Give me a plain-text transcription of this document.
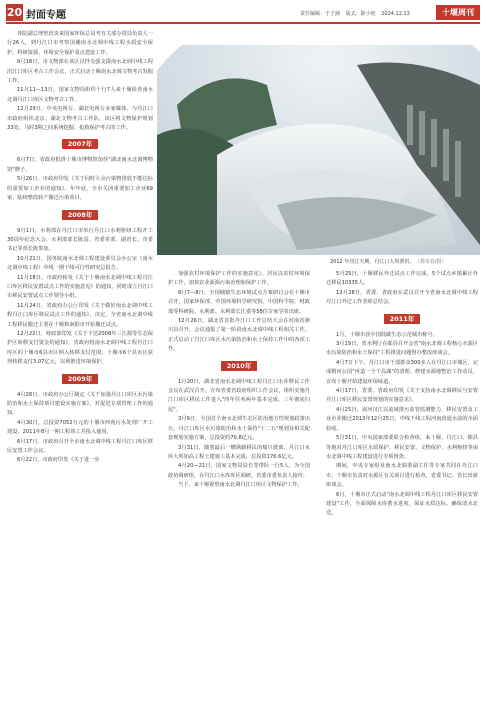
20 封面专题	责任编辑：于子涵 版式：陈小艳 2024.12.13	十堰周刊
2012 年汛江天期，丹江口大坝泄洪。 （彝泉春/摄）

各院副总理曾培炎来国家环保总局考有关部办资局负责人一行26人，到丹江口市考察国潮南水北调中线工程水质安全保护、科研资源、环境安全保护重点建设工作。

9月18日，市文物部在该区汉拌交强支援南水北调中线工程汛江口库区考古工作会议，正式启动十堰南水北调文物考古发掘工作。

11月11—13日，国家文物局组织十行7人来十堰检查南水北调丹江口库区文物考古工作。

12月29日，中央电视台、湖北电视台多家媒体，与丹江口市政府组织北京、湖北文物考古工作队，该区将文物保护规划33处，马时3期之间系统挖掘、抢救保护考古的工作。

2007年

6月7日，省政府批准十堰市博物馆加挂"湖北南水北调博物馆"牌子。

5月26日，市政府印发《关于同时大余污染物排放不能达标的重要加工企业的通知》。年年底，全市关闭重要加工企业69家，陆续整改转产搬迁污染项目。

2008年

9月1日，水利部在丹江口市举行丹江口水利枢纽工程开工30周年纪念大会，水利部部长陈雷、省委常委、副省长、市委书记等部长陈参加。

10月21日，国务院南水北调工程建设委员会办公室（南水北调中线工程）中线一期干线可行性研究总报告。

11月18日，市政府转发《关于十堰南水北调中线工程丹江口库区移民安置试点工作的实施意见》的通知，同时成立丹江口市移民安置试点工作领导小组。

11月24日，省政府办公厅印发《关于做好南水北调中线工程丹江口库区移民试点工作的通知》。决定，全省南水北调中线工程移民搬迁主要在十堰和南阳市开始搬迁试点。

12月22日，财政部印发《关于下达2008年三江源等生态保护区转移支付资金的通知》，省政府将南水北调中线工程丹江口库区的十堰市6县市区纳入转移支付范围，十堰市6个县市区获得转移支付3.07亿元，以利推进环境保护。

2009年

4月28日，市政府办公厅制定《关于加强丹江口库区水污染防治和水土保持项目建设实施方案》，对促进专项管理工作的通知。

4月30日，总投资7052万元的十堰市西苑污水处理厂开工建设，2011年8月一期工程竣工并投入使用。

6月17日，市政府召开全市南水北调中线工程丹江口库区移民安置工作会议。

6月22日，市政府印发《关于进一步

加强农村环境保护工作的实施意见》。居民以农村环境保护工作，加快农业面源污染治理和保护工作。

8月7—8日，全国城镇生态环境试点方案研讨会在十堰市召开，国家环保部、中国环境科学研究院、中国科学院、财政部等科研院、水利部、水利部长江委等58位专家学者出席。

12月26日，湖北省首批丹江口工作总结大会在河南省淅川县召开，会议通报了第一阶段南水北调中线工程相关工作，正式启动了丹江口库区水污染防治和水土保持工作中的各项工作。

2010年

1月20日，湖北省南水北调中线工程丹江口水库移民工作会议在武汉召开，宣布省委省政府组织工作会议，组织实施丹江口库区移民工作进入"四年任务两年基本完成、三年彻底扫尾"。

3月9日，全国首个南水北调生态区防治地方性规划政策出台，丹江口库区水污染防治和水土保持"十二五"规划及相关配套规划实施方案，总投资约70.8亿元。

3月31日，随着最后一艘满载移民的船只驶离，丹江口水库大坝加高工程土建施工基本完成，总投资176.6亿元。

4月20—21日，国家文物局局长等带队一行5人，为全国政协调研组，在丹江口水库库区调研，省委市委负责人接待。

当下，来十堰视察南水北调丹江口库区文物保护工作。

5月25日，十堰移民外迁试点工作完成，5个试点乡镇累计外迁移民10335人。

12月28日，省委、省政府在武汉召开全省南水北调中线工程丹江口外迁工作表彰总结会。

2011年

1月，十堰市获中国低碳生态示范城市称号。

3月19日，省水利厅在郧县召开会省"南水北调工程核心水源区水污染防治和水土保持"工程推进问题督办整改座谈会。

4月7日下午，丹江口市千部群众300多人在丹江口市城区，完成精河公园"再造一个千岛湖"的清理、修建水源地整治工作动员，宣布十堰开始建设环保绿道。

4月17日，省委、省政府印发《关于支持南水北调移民与安置丹江口库区移民安置规划的实施意见》。

4月25日，嵩河汉江以流域排污监管监测能力，移民安置及工业企业搬迁2013年12月25日，中线干线工程河南段通水前的全面验收。

5月31日，中央国家部委联合检查组，来十堰、丹江口、郧县等地对丹江口库区水质保护、移民安置、文物保护、水利枢纽等南水北调中线工程建设进行专项督查。

期间，中央专家组及南水北调委副主任等专家共同在丹江口市、十堰市负责对水源区有关项目进行检查，省委书记、省长出席座谈会。

6月，十堰市正式启动"南水北调中线工程丹江口库区移民安置建设"工作，全面保障水库蓄水进度，保证水质达标，确保清水北送。
